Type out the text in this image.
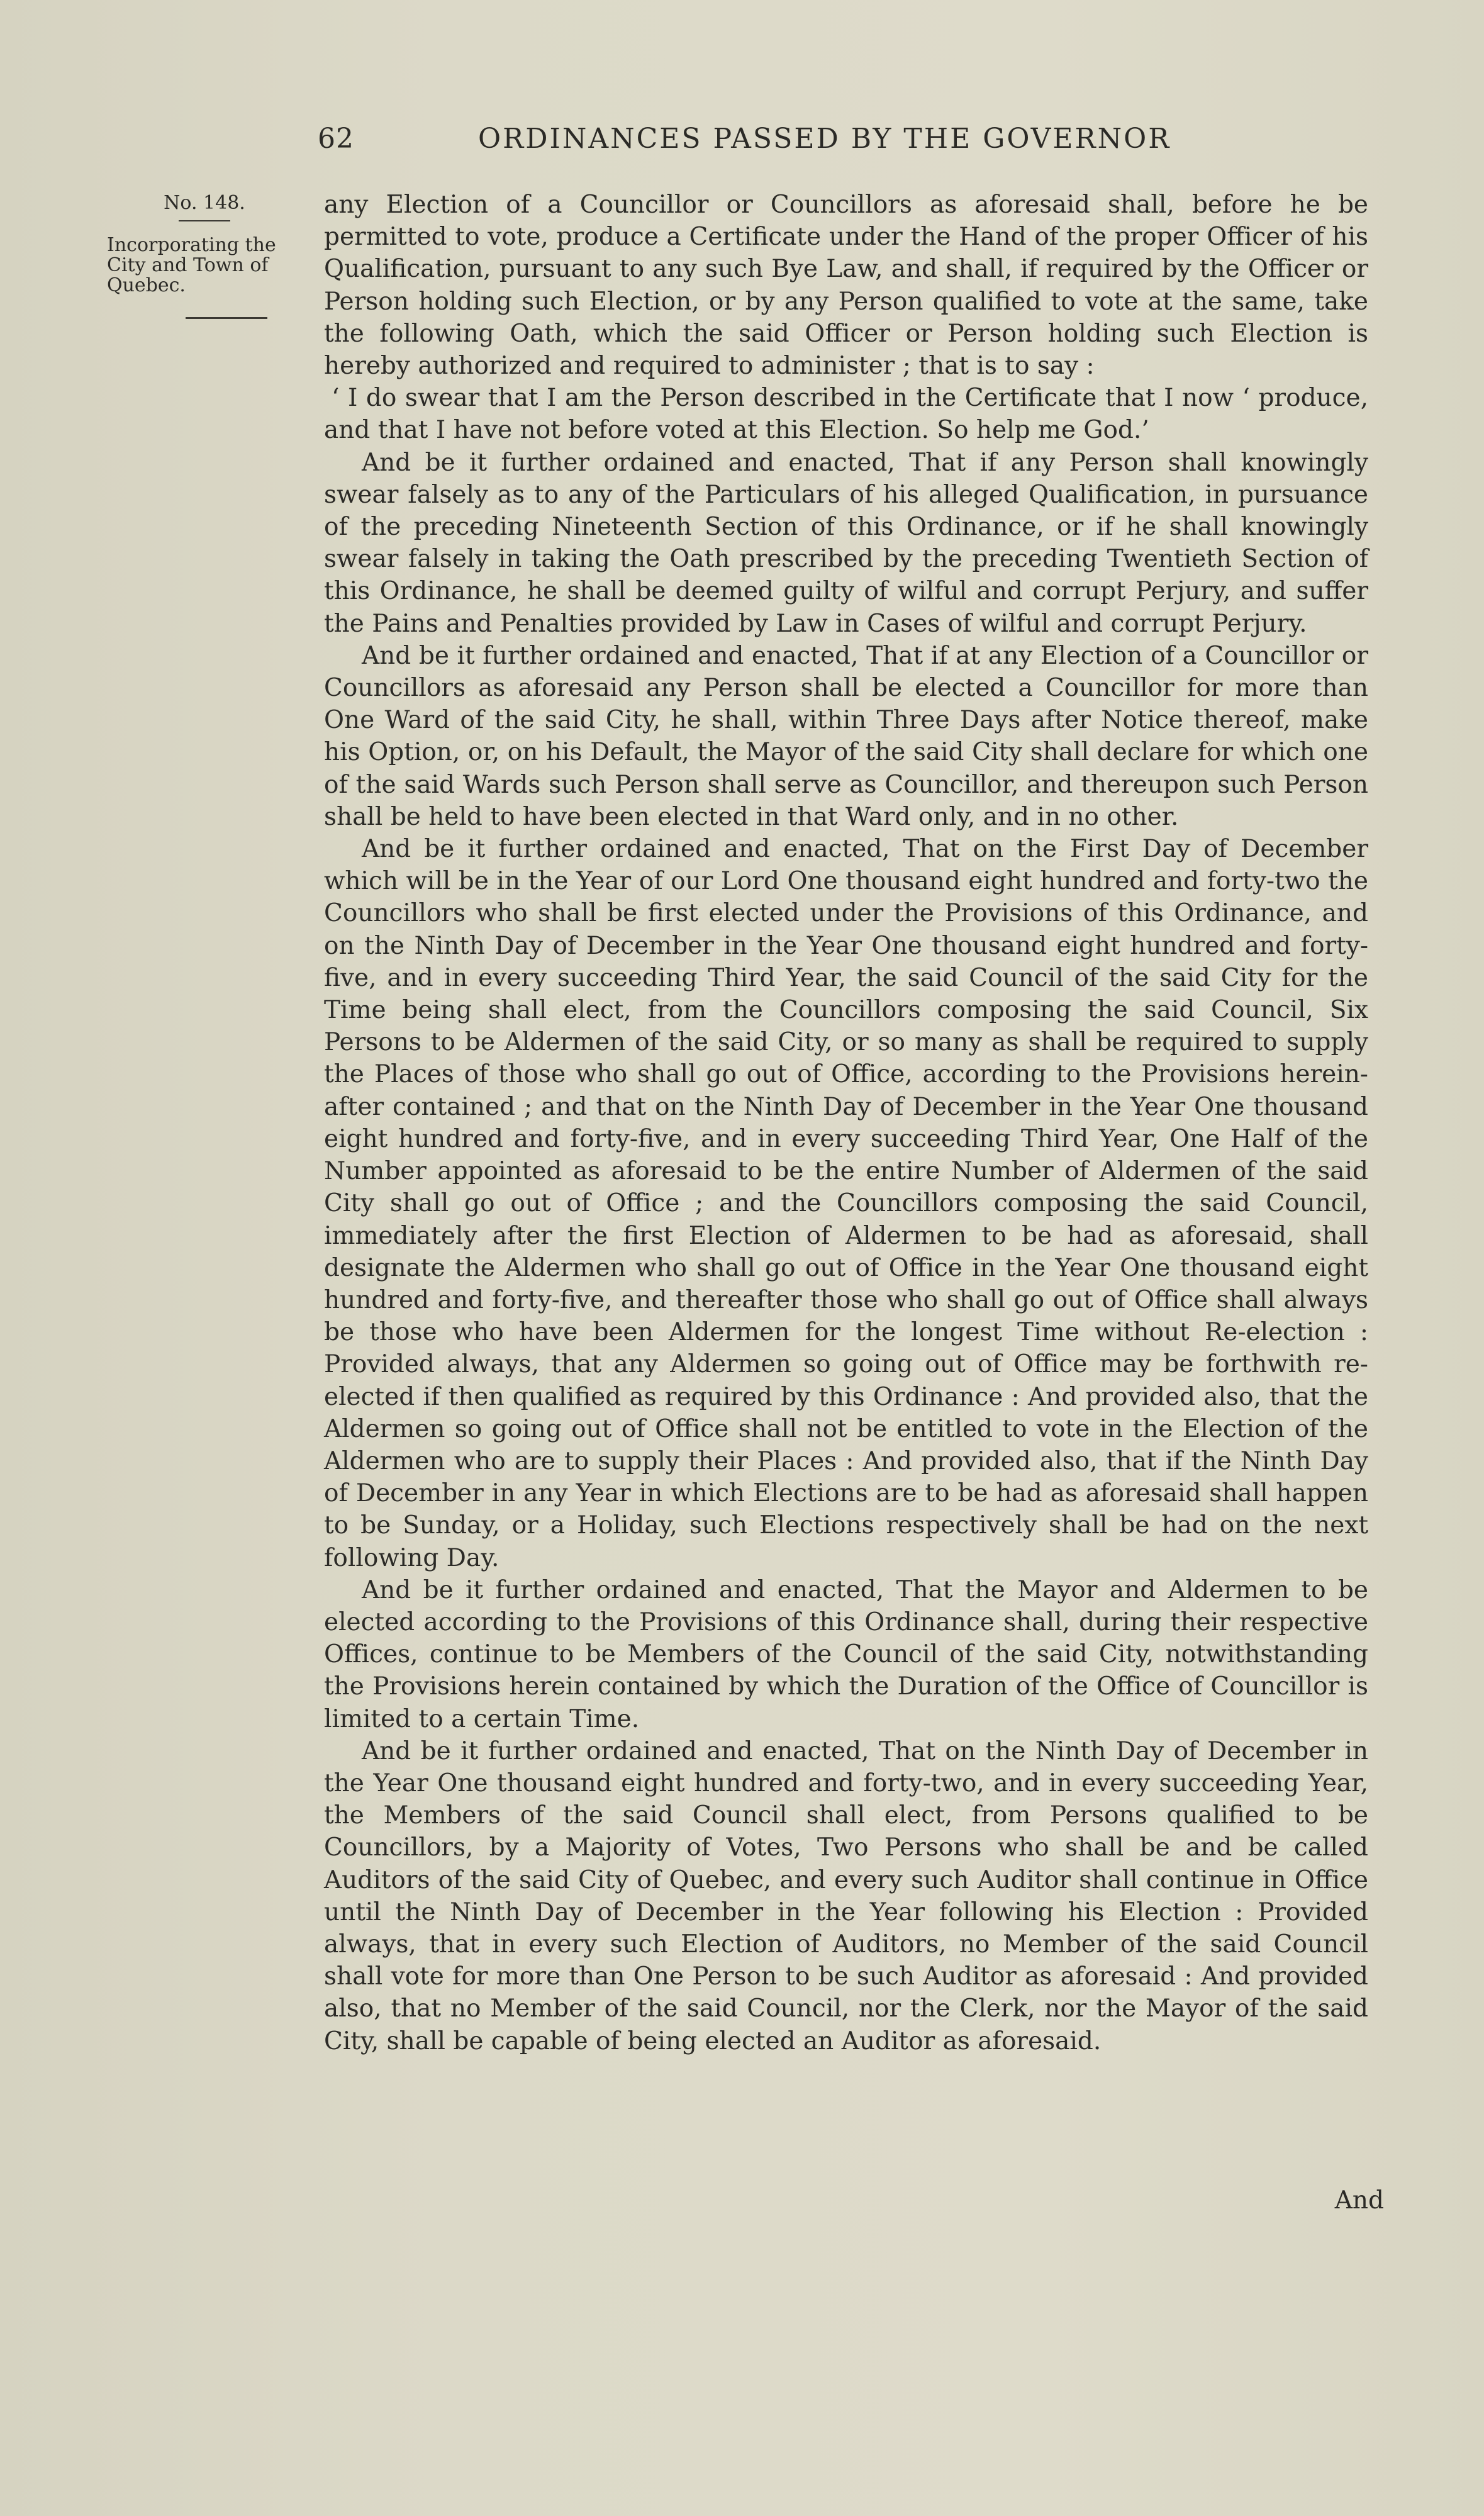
62	ORDINANCES PASSED BY THE GOVERNOR

No. 148.

Incorporating the City and Town of Quebec.

any Election of a Councillor or Councillors as aforesaid shall, before he be permitted to vote, produce a Certificate under the Hand of the proper Officer of his Qualification, pursuant to any such Bye Law, and shall, if required by the Officer or Person holding such Election, or by any Person qualified to vote at the same, take the following Oath, which the said Officer or Person holding such Election is hereby authorized and required to administer ; that is to say :

‘ I do swear that I am the Person described in the Certificate that I now ‘ produce, and that I have not before voted at this Election. So help me God.’

And be it further ordained and enacted, That if any Person shall knowingly swear falsely as to any of the Particulars of his alleged Qualification, in pursuance of the preceding Nineteenth Section of this Ordinance, or if he shall knowingly swear falsely in taking the Oath prescribed by the preceding Twentieth Section of this Ordinance, he shall be deemed guilty of wilful and corrupt Perjury, and suffer the Pains and Penalties provided by Law in Cases of wilful and corrupt Perjury.

And be it further ordained and enacted, That if at any Election of a Councillor or Councillors as aforesaid any Person shall be elected a Councillor for more than One Ward of the said City, he shall, within Three Days after Notice thereof, make his Option, or, on his Default, the Mayor of the said City shall declare for which one of the said Wards such Person shall serve as Councillor, and thereupon such Person shall be held to have been elected in that Ward only, and in no other.

And be it further ordained and enacted, That on the First Day of December which will be in the Year of our Lord One thousand eight hundred and forty-two the Councillors who shall be first elected under the Provisions of this Ordinance, and on the Ninth Day of December in the Year One thousand eight hundred and forty-five, and in every succeeding Third Year, the said Council of the said City for the Time being shall elect, from the Councillors composing the said Council, Six Persons to be Aldermen of the said City, or so many as shall be required to supply the Places of those who shall go out of Office, according to the Provisions herein-after contained ; and that on the Ninth Day of December in the Year One thousand eight hundred and forty-five, and in every succeeding Third Year, One Half of the Number appointed as aforesaid to be the entire Number of Aldermen of the said City shall go out of Office ; and the Councillors composing the said Council, immediately after the first Election of Aldermen to be had as aforesaid, shall designate the Aldermen who shall go out of Office in the Year One thousand eight hundred and forty-five, and thereafter those who shall go out of Office shall always be those who have been Aldermen for the longest Time without Re-election : Provided always, that any Aldermen so going out of Office may be forthwith re-elected if then qualified as required by this Ordinance : And provided also, that the Aldermen so going out of Office shall not be entitled to vote in the Election of the Aldermen who are to supply their Places : And provided also, that if the Ninth Day of December in any Year in which Elections are to be had as aforesaid shall happen to be Sunday, or a Holiday, such Elections respectively shall be had on the next following Day.

And be it further ordained and enacted, That the Mayor and Aldermen to be elected according to the Provisions of this Ordinance shall, during their respective Offices, continue to be Members of the Council of the said City, notwithstanding the Provisions herein contained by which the Duration of the Office of Councillor is limited to a certain Time.

And be it further ordained and enacted, That on the Ninth Day of December in the Year One thousand eight hundred and forty-two, and in every succeeding Year, the Members of the said Council shall elect, from Persons qualified to be Councillors, by a Majority of Votes, Two Persons who shall be and be called Auditors of the said City of Quebec, and every such Auditor shall continue in Office until the Ninth Day of December in the Year following his Election : Provided always, that in every such Election of Auditors, no Member of the said Council shall vote for more than One Person to be such Auditor as aforesaid : And provided also, that no Member of the said Council, nor the Clerk, nor the Mayor of the said City, shall be capable of being elected an Auditor as aforesaid.

And
